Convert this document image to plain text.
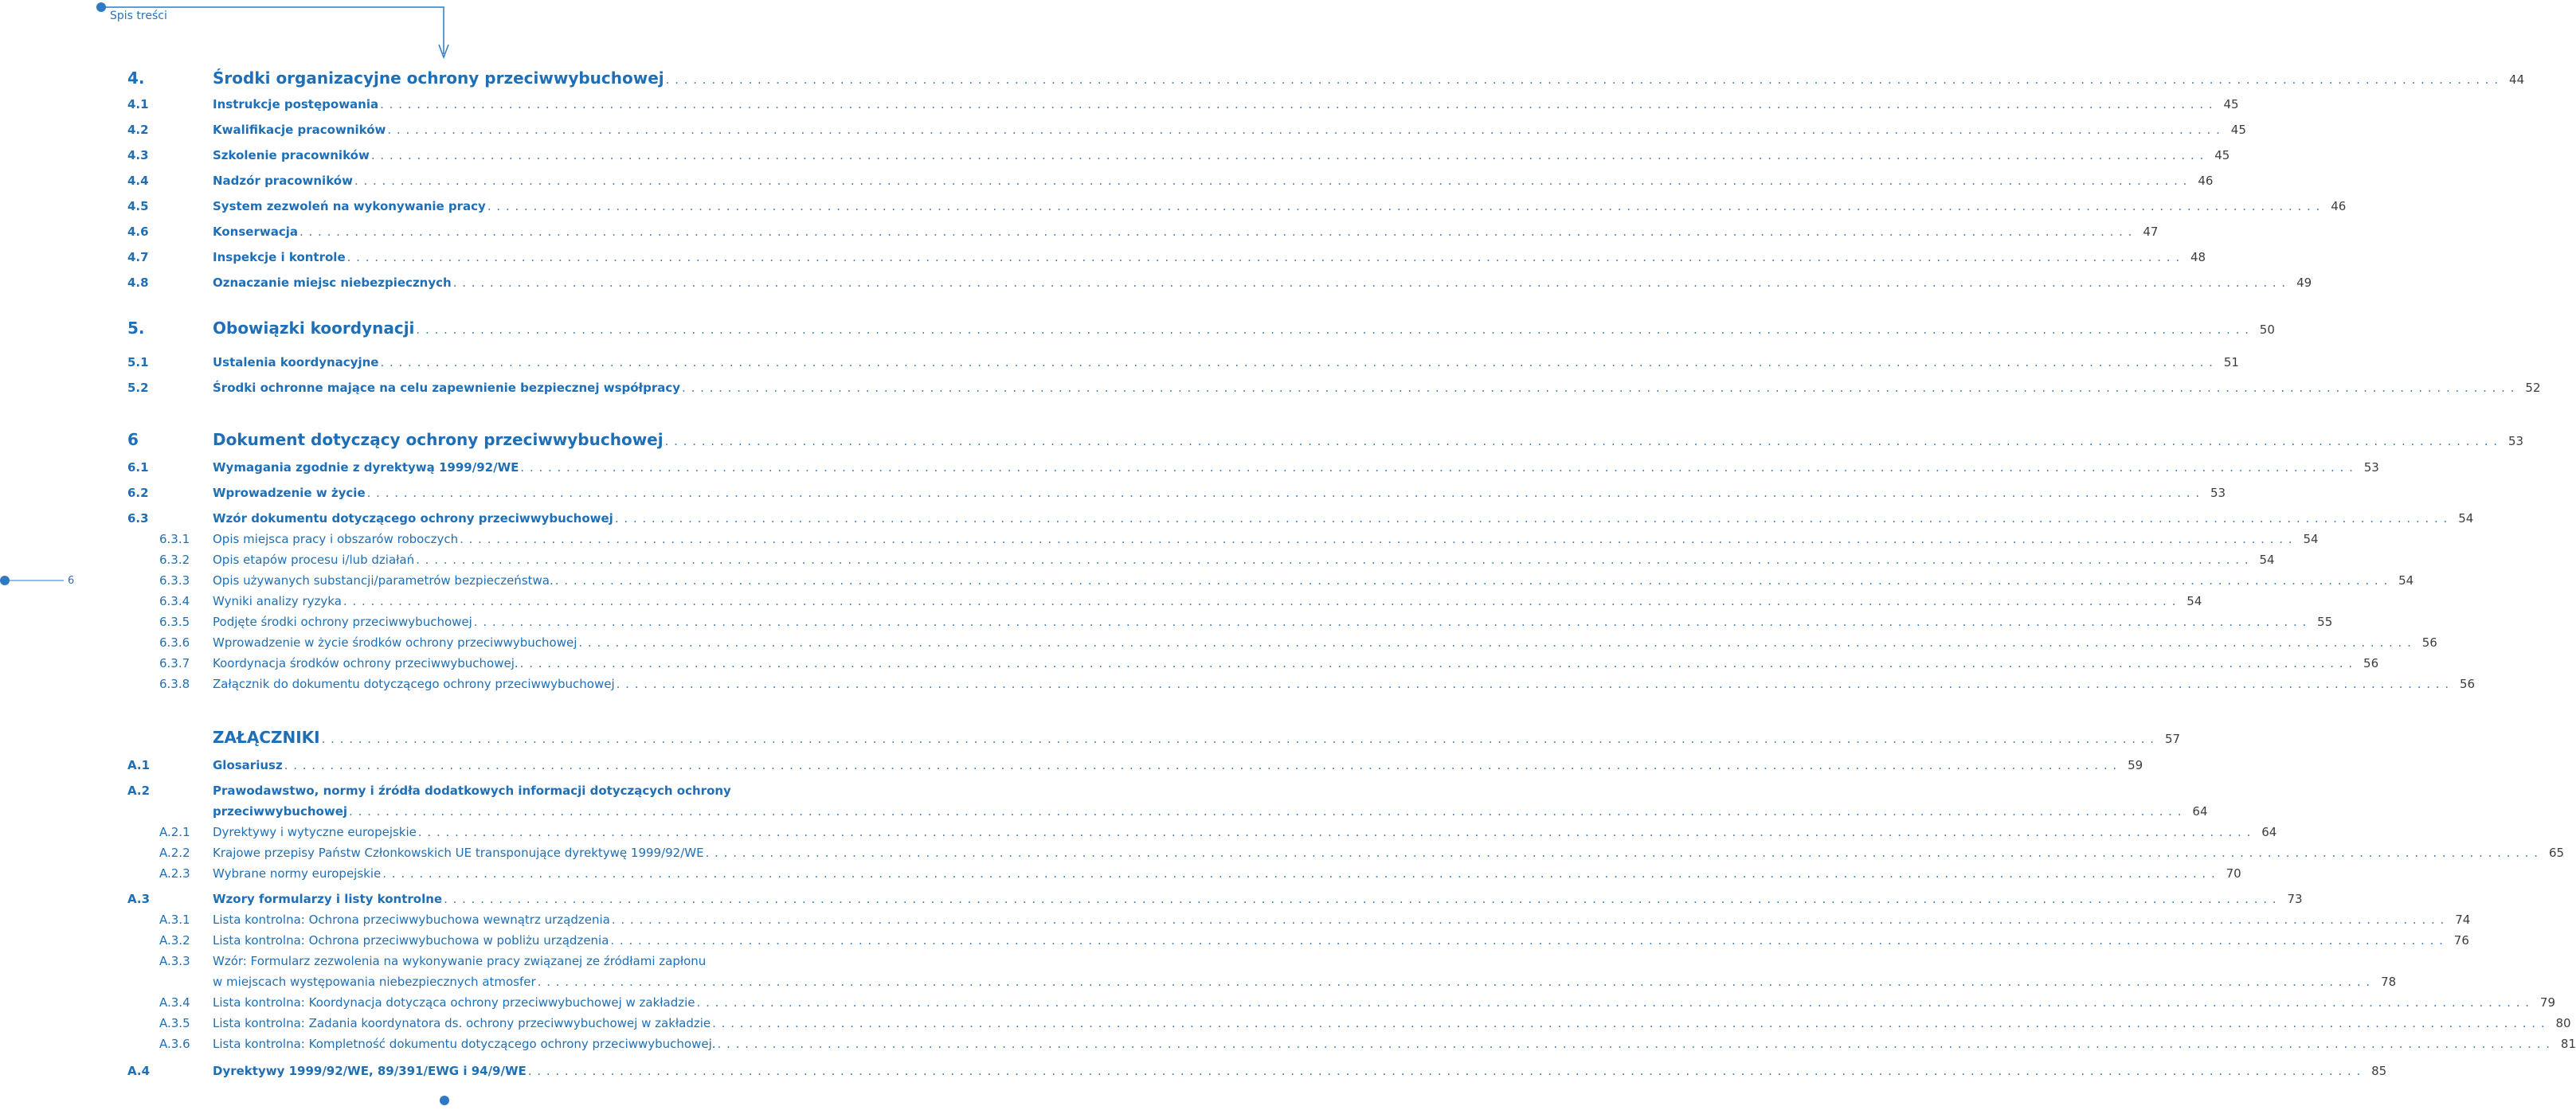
Spis treści
6
4.	Środki organizacyjne ochrony przeciwwybuchowej . . . . . . . . . . . . . . . . . . . . . . . . . . . . . . . . . . . . . . . . . . . . . . . . . . . . . . . . . . . . . . . . . . . . . . . . . . . . . . . . . . . . . . . . . . . . . . . . . . . . . . . . . . . . . . . . . . . . . . . . . . . . . . . . . . . . . . . . . . . . . . . . . . . . . . . . . . . . . . . . . . . . . . . . . . . . . . . . . . . . . . . . . . . . . . . . . . . . . . . . 44
4.1	Instrukcje postępowania . . . . . . . . . . . . . . . . . . . . . . . . . . . . . . . . . . . . . . . . . . . . . . . . . . . . . . . . . . . . . . . . . . . . . . . . . . . . . . . . . . . . . . . . . . . . . . . . . . . . . . . . . . . . . . . . . . . . . . . . . . . . . . . . . . . . . . . . . . . . . . . . . . . . . . . . . . . . . . . . . . . . . . . . . . . . . . . . . . . . . . . . . . . . . . . . . . . . . . . . 45
4.2	Kwalifikacje pracowników . . . . . . . . . . . . . . . . . . . . . . . . . . . . . . . . . . . . . . . . . . . . . . . . . . . . . . . . . . . . . . . . . . . . . . . . . . . . . . . . . . . . . . . . . . . . . . . . . . . . . . . . . . . . . . . . . . . . . . . . . . . . . . . . . . . . . . . . . . . . . . . . . . . . . . . . . . . . . . . . . . . . . . . . . . . . . . . . . . . . . . . . . . . . . . . . . . . . . . . . 45
4.3	Szkolenie pracowników . . . . . . . . . . . . . . . . . . . . . . . . . . . . . . . . . . . . . . . . . . . . . . . . . . . . . . . . . . . . . . . . . . . . . . . . . . . . . . . . . . . . . . . . . . . . . . . . . . . . . . . . . . . . . . . . . . . . . . . . . . . . . . . . . . . . . . . . . . . . . . . . . . . . . . . . . . . . . . . . . . . . . . . . . . . . . . . . . . . . . . . . . . . . . . . . . . . . . . . . 45
4.4	Nadzór pracowników . . . . . . . . . . . . . . . . . . . . . . . . . . . . . . . . . . . . . . . . . . . . . . . . . . . . . . . . . . . . . . . . . . . . . . . . . . . . . . . . . . . . . . . . . . . . . . . . . . . . . . . . . . . . . . . . . . . . . . . . . . . . . . . . . . . . . . . . . . . . . . . . . . . . . . . . . . . . . . . . . . . . . . . . . . . . . . . . . . . . . . . . . . . . . . . . . . . . . . . . 46
4.5	System zezwoleń na wykonywanie pracy . . . . . . . . . . . . . . . . . . . . . . . . . . . . . . . . . . . . . . . . . . . . . . . . . . . . . . . . . . . . . . . . . . . . . . . . . . . . . . . . . . . . . . . . . . . . . . . . . . . . . . . . . . . . . . . . . . . . . . . . . . . . . . . . . . . . . . . . . . . . . . . . . . . . . . . . . . . . . . . . . . . . . . . . . . . . . . . . . . . . . . . . . . . . . . . . . . . . . . . . 46
4.6	Konserwacja . . . . . . . . . . . . . . . . . . . . . . . . . . . . . . . . . . . . . . . . . . . . . . . . . . . . . . . . . . . . . . . . . . . . . . . . . . . . . . . . . . . . . . . . . . . . . . . . . . . . . . . . . . . . . . . . . . . . . . . . . . . . . . . . . . . . . . . . . . . . . . . . . . . . . . . . . . . . . . . . . . . . . . . . . . . . . . . . . . . . . . . . . . . . . . . . . . . . . . . . 47
4.7	Inspekcje i kontrole . . . . . . . . . . . . . . . . . . . . . . . . . . . . . . . . . . . . . . . . . . . . . . . . . . . . . . . . . . . . . . . . . . . . . . . . . . . . . . . . . . . . . . . . . . . . . . . . . . . . . . . . . . . . . . . . . . . . . . . . . . . . . . . . . . . . . . . . . . . . . . . . . . . . . . . . . . . . . . . . . . . . . . . . . . . . . . . . . . . . . . . . . . . . . . . . . . . . . . . . 48
4.8	Oznaczanie miejsc niebezpiecznych . . . . . . . . . . . . . . . . . . . . . . . . . . . . . . . . . . . . . . . . . . . . . . . . . . . . . . . . . . . . . . . . . . . . . . . . . . . . . . . . . . . . . . . . . . . . . . . . . . . . . . . . . . . . . . . . . . . . . . . . . . . . . . . . . . . . . . . . . . . . . . . . . . . . . . . . . . . . . . . . . . . . . . . . . . . . . . . . . . . . . . . . . . . . . . . . . . . . . . . . 49
5.	Obowiązki koordynacji . . . . . . . . . . . . . . . . . . . . . . . . . . . . . . . . . . . . . . . . . . . . . . . . . . . . . . . . . . . . . . . . . . . . . . . . . . . . . . . . . . . . . . . . . . . . . . . . . . . . . . . . . . . . . . . . . . . . . . . . . . . . . . . . . . . . . . . . . . . . . . . . . . . . . . . . . . . . . . . . . . . . . . . . . . . . . . . . . . . . . . . . . . . . . . . . . . . . . . . . 50
5.1	Ustalenia koordynacyjne . . . . . . . . . . . . . . . . . . . . . . . . . . . . . . . . . . . . . . . . . . . . . . . . . . . . . . . . . . . . . . . . . . . . . . . . . . . . . . . . . . . . . . . . . . . . . . . . . . . . . . . . . . . . . . . . . . . . . . . . . . . . . . . . . . . . . . . . . . . . . . . . . . . . . . . . . . . . . . . . . . . . . . . . . . . . . . . . . . . . . . . . . . . . . . . . . . . . . . . . 51
5.2	Środki ochronne mające na celu zapewnienie bezpiecznej współpracy . . . . . . . . . . . . . . . . . . . . . . . . . . . . . . . . . . . . . . . . . . . . . . . . . . . . . . . . . . . . . . . . . . . . . . . . . . . . . . . . . . . . . . . . . . . . . . . . . . . . . . . . . . . . . . . . . . . . . . . . . . . . . . . . . . . . . . . . . . . . . . . . . . . . . . . . . . . . . . . . . . . . . . . . . . . . . . . . . . . . . . . . . . . . . . . . . . . . . . . . 52
6	Dokument dotyczący ochrony przeciwwybuchowej . . . . . . . . . . . . . . . . . . . . . . . . . . . . . . . . . . . . . . . . . . . . . . . . . . . . . . . . . . . . . . . . . . . . . . . . . . . . . . . . . . . . . . . . . . . . . . . . . . . . . . . . . . . . . . . . . . . . . . . . . . . . . . . . . . . . . . . . . . . . . . . . . . . . . . . . . . . . . . . . . . . . . . . . . . . . . . . . . . . . . . . . . . . . . . . . . . . . . . . . 53
6.1	Wymagania zgodnie z dyrektywą 1999/92/WE . . . . . . . . . . . . . . . . . . . . . . . . . . . . . . . . . . . . . . . . . . . . . . . . . . . . . . . . . . . . . . . . . . . . . . . . . . . . . . . . . . . . . . . . . . . . . . . . . . . . . . . . . . . . . . . . . . . . . . . . . . . . . . . . . . . . . . . . . . . . . . . . . . . . . . . . . . . . . . . . . . . . . . . . . . . . . . . . . . . . . . . . . . . . . . . . . . . . . . . . 53
6.2	Wprowadzenie w życie . . . . . . . . . . . . . . . . . . . . . . . . . . . . . . . . . . . . . . . . . . . . . . . . . . . . . . . . . . . . . . . . . . . . . . . . . . . . . . . . . . . . . . . . . . . . . . . . . . . . . . . . . . . . . . . . . . . . . . . . . . . . . . . . . . . . . . . . . . . . . . . . . . . . . . . . . . . . . . . . . . . . . . . . . . . . . . . . . . . . . . . . . . . . . . . . . . . . . . . . 53
6.3	Wzór dokumentu dotyczącego ochrony przeciwwybuchowej . . . . . . . . . . . . . . . . . . . . . . . . . . . . . . . . . . . . . . . . . . . . . . . . . . . . . . . . . . . . . . . . . . . . . . . . . . . . . . . . . . . . . . . . . . . . . . . . . . . . . . . . . . . . . . . . . . . . . . . . . . . . . . . . . . . . . . . . . . . . . . . . . . . . . . . . . . . . . . . . . . . . . . . . . . . . . . . . . . . . . . . . . . . . . . . . . . . . . . . . 54
6.3.1 Opis miejsca pracy i obszarów roboczych . . . . . . . . . . . . . . . . . . . . . . . . . . . . . . . . . . . . . . . . . . . . . . . . . . . . . . . . . . . . . . . . . . . . . . . . . . . . . . . . . . . . . . . . . . . . . . . . . . . . . . . . . . . . . . . . . . . . . . . . . . . . . . . . . . . . . . . . . . . . . . . . . . . . . . . . . . . . . . . . . . . . . . . . . . . . . . . . . . . . . . . . . . . . . . . . . . . . . . . . 54
6.3.2 Opis etapów procesu i/lub działań . . . . . . . . . . . . . . . . . . . . . . . . . . . . . . . . . . . . . . . . . . . . . . . . . . . . . . . . . . . . . . . . . . . . . . . . . . . . . . . . . . . . . . . . . . . . . . . . . . . . . . . . . . . . . . . . . . . . . . . . . . . . . . . . . . . . . . . . . . . . . . . . . . . . . . . . . . . . . . . . . . . . . . . . . . . . . . . . . . . . . . . . . . . . . . . . . . . . . . . . 54
6.3.3 Opis używanych substancji/parametrów bezpieczeństwa. . . . . . . . . . . . . . . . . . . . . . . . . . . . . . . . . . . . . . . . . . . . . . . . . . . . . . . . . . . . . . . . . . . . . . . . . . . . . . . . . . . . . . . . . . . . . . . . . . . . . . . . . . . . . . . . . . . . . . . . . . . . . . . . . . . . . . . . . . . . . . . . . . . . . . . . . . . . . . . . . . . . . . . . . . . . . . . . . . . . . . . . . . . . . . . . . . . . . . . . . 54
6.3.4 Wyniki analizy ryzyka . . . . . . . . . . . . . . . . . . . . . . . . . . . . . . . . . . . . . . . . . . . . . . . . . . . . . . . . . . . . . . . . . . . . . . . . . . . . . . . . . . . . . . . . . . . . . . . . . . . . . . . . . . . . . . . . . . . . . . . . . . . . . . . . . . . . . . . . . . . . . . . . . . . . . . . . . . . . . . . . . . . . . . . . . . . . . . . . . . . . . . . . . . . . . . . . . . . . . . . . 54
6.3.5 Podjęte środki ochrony przeciwwybuchowej . . . . . . . . . . . . . . . . . . . . . . . . . . . . . . . . . . . . . . . . . . . . . . . . . . . . . . . . . . . . . . . . . . . . . . . . . . . . . . . . . . . . . . . . . . . . . . . . . . . . . . . . . . . . . . . . . . . . . . . . . . . . . . . . . . . . . . . . . . . . . . . . . . . . . . . . . . . . . . . . . . . . . . . . . . . . . . . . . . . . . . . . . . . . . . . . . . . . . . . . 55
6.3.6 Wprowadzenie w życie środków ochrony przeciwwybuchowej . . . . . . . . . . . . . . . . . . . . . . . . . . . . . . . . . . . . . . . . . . . . . . . . . . . . . . . . . . . . . . . . . . . . . . . . . . . . . . . . . . . . . . . . . . . . . . . . . . . . . . . . . . . . . . . . . . . . . . . . . . . . . . . . . . . . . . . . . . . . . . . . . . . . . . . . . . . . . . . . . . . . . . . . . . . . . . . . . . . . . . . . . . . . . . . . . . . . . . . . 56
6.3.7 Koordynacja środków ochrony przeciwwybuchowej. . . . . . . . . . . . . . . . . . . . . . . . . . . . . . . . . . . . . . . . . . . . . . . . . . . . . . . . . . . . . . . . . . . . . . . . . . . . . . . . . . . . . . . . . . . . . . . . . . . . . . . . . . . . . . . . . . . . . . . . . . . . . . . . . . . . . . . . . . . . . . . . . . . . . . . . . . . . . . . . . . . . . . . . . . . . . . . . . . . . . . . . . . . . . . . . . . . . . . . . . 56
6.3.8 Załącznik do dokumentu dotyczącego ochrony przeciwwybuchowej . . . . . . . . . . . . . . . . . . . . . . . . . . . . . . . . . . . . . . . . . . . . . . . . . . . . . . . . . . . . . . . . . . . . . . . . . . . . . . . . . . . . . . . . . . . . . . . . . . . . . . . . . . . . . . . . . . . . . . . . . . . . . . . . . . . . . . . . . . . . . . . . . . . . . . . . . . . . . . . . . . . . . . . . . . . . . . . . . . . . . . . . . . . . . . . . . . . . . . . . 56
ZAŁĄCZNIKI . . . . . . . . . . . . . . . . . . . . . . . . . . . . . . . . . . . . . . . . . . . . . . . . . . . . . . . . . . . . . . . . . . . . . . . . . . . . . . . . . . . . . . . . . . . . . . . . . . . . . . . . . . . . . . . . . . . . . . . . . . . . . . . . . . . . . . . . . . . . . . . . . . . . . . . . . . . . . . . . . . . . . . . . . . . . . . . . . . . . . . . . . . . . . . . . . . . . . . . . 57
A.1	Glosariusz . . . . . . . . . . . . . . . . . . . . . . . . . . . . . . . . . . . . . . . . . . . . . . . . . . . . . . . . . . . . . . . . . . . . . . . . . . . . . . . . . . . . . . . . . . . . . . . . . . . . . . . . . . . . . . . . . . . . . . . . . . . . . . . . . . . . . . . . . . . . . . . . . . . . . . . . . . . . . . . . . . . . . . . . . . . . . . . . . . . . . . . . . . . . . . . . . . . . . . . . 59
A.2	Prawodawstwo, normy i źródła dodatkowych informacji dotyczących ochrony
przeciwwybuchowej . . . . . . . . . . . . . . . . . . . . . . . . . . . . . . . . . . . . . . . . . . . . . . . . . . . . . . . . . . . . . . . . . . . . . . . . . . . . . . . . . . . . . . . . . . . . . . . . . . . . . . . . . . . . . . . . . . . . . . . . . . . . . . . . . . . . . . . . . . . . . . . . . . . . . . . . . . . . . . . . . . . . . . . . . . . . . . . . . . . . . . . . . . . . . . . . . . . . . . . . 64
A.2.1 Dyrektywy i wytyczne europejskie . . . . . . . . . . . . . . . . . . . . . . . . . . . . . . . . . . . . . . . . . . . . . . . . . . . . . . . . . . . . . . . . . . . . . . . . . . . . . . . . . . . . . . . . . . . . . . . . . . . . . . . . . . . . . . . . . . . . . . . . . . . . . . . . . . . . . . . . . . . . . . . . . . . . . . . . . . . . . . . . . . . . . . . . . . . . . . . . . . . . . . . . . . . . . . . . . . . . . . . . 64
A.2.2 Krajowe przepisy Państw Członkowskich UE transponujące dyrektywę 1999/92/WE . . . . . . . . . . . . . . . . . . . . . . . . . . . . . . . . . . . . . . . . . . . . . . . . . . . . . . . . . . . . . . . . . . . . . . . . . . . . . . . . . . . . . . . . . . . . . . . . . . . . . . . . . . . . . . . . . . . . . . . . . . . . . . . . . . . . . . . . . . . . . . . . . . . . . . . . . . . . . . . . . . . . . . . . . . . . . . . . . . . . . . . . . . . . . . . . . . . . . . . . 65
A.2.3 Wybrane normy europejskie . . . . . . . . . . . . . . . . . . . . . . . . . . . . . . . . . . . . . . . . . . . . . . . . . . . . . . . . . . . . . . . . . . . . . . . . . . . . . . . . . . . . . . . . . . . . . . . . . . . . . . . . . . . . . . . . . . . . . . . . . . . . . . . . . . . . . . . . . . . . . . . . . . . . . . . . . . . . . . . . . . . . . . . . . . . . . . . . . . . . . . . . . . . . . . . . . . . . . . . . 70
A.3	Wzory formularzy i listy kontrolne . . . . . . . . . . . . . . . . . . . . . . . . . . . . . . . . . . . . . . . . . . . . . . . . . . . . . . . . . . . . . . . . . . . . . . . . . . . . . . . . . . . . . . . . . . . . . . . . . . . . . . . . . . . . . . . . . . . . . . . . . . . . . . . . . . . . . . . . . . . . . . . . . . . . . . . . . . . . . . . . . . . . . . . . . . . . . . . . . . . . . . . . . . . . . . . . . . . . . . . . 73
A.3.1 Lista kontrolna: Ochrona przeciwwybuchowa wewnątrz urządzenia . . . . . . . . . . . . . . . . . . . . . . . . . . . . . . . . . . . . . . . . . . . . . . . . . . . . . . . . . . . . . . . . . . . . . . . . . . . . . . . . . . . . . . . . . . . . . . . . . . . . . . . . . . . . . . . . . . . . . . . . . . . . . . . . . . . . . . . . . . . . . . . . . . . . . . . . . . . . . . . . . . . . . . . . . . . . . . . . . . . . . . . . . . . . . . . . . . . . . . . . 74
A.3.2 Lista kontrolna: Ochrona przeciwwybuchowa w pobliżu urządzenia . . . . . . . . . . . . . . . . . . . . . . . . . . . . . . . . . . . . . . . . . . . . . . . . . . . . . . . . . . . . . . . . . . . . . . . . . . . . . . . . . . . . . . . . . . . . . . . . . . . . . . . . . . . . . . . . . . . . . . . . . . . . . . . . . . . . . . . . . . . . . . . . . . . . . . . . . . . . . . . . . . . . . . . . . . . . . . . . . . . . . . . . . . . . . . . . . . . . . . . . 76
A.3.3 Wzór: Formularz zezwolenia na wykonywanie pracy związanej ze źródłami zapłonu
w miejscach występowania niebezpiecznych atmosfer . . . . . . . . . . . . . . . . . . . . . . . . . . . . . . . . . . . . . . . . . . . . . . . . . . . . . . . . . . . . . . . . . . . . . . . . . . . . . . . . . . . . . . . . . . . . . . . . . . . . . . . . . . . . . . . . . . . . . . . . . . . . . . . . . . . . . . . . . . . . . . . . . . . . . . . . . . . . . . . . . . . . . . . . . . . . . . . . . . . . . . . . . . . . . . . . . . . . . . . . 78
A.3.4 Lista kontrolna: Koordynacja dotycząca ochrony przeciwwybuchowej w zakładzie . . . . . . . . . . . . . . . . . . . . . . . . . . . . . . . . . . . . . . . . . . . . . . . . . . . . . . . . . . . . . . . . . . . . . . . . . . . . . . . . . . . . . . . . . . . . . . . . . . . . . . . . . . . . . . . . . . . . . . . . . . . . . . . . . . . . . . . . . . . . . . . . . . . . . . . . . . . . . . . . . . . . . . . . . . . . . . . . . . . . . . . . . . . . . . . . . . . . . . . . 79
A.3.5 Lista kontrolna: Zadania koordynatora ds. ochrony przeciwwybuchowej w zakładzie . . . . . . . . . . . . . . . . . . . . . . . . . . . . . . . . . . . . . . . . . . . . . . . . . . . . . . . . . . . . . . . . . . . . . . . . . . . . . . . . . . . . . . . . . . . . . . . . . . . . . . . . . . . . . . . . . . . . . . . . . . . . . . . . . . . . . . . . . . . . . . . . . . . . . . . . . . . . . . . . . . . . . . . . . . . . . . . . . . . . . . . . . . . . . . . . . . . . . . . . 80
A.3.6 Lista kontrolna: Kompletność dokumentu dotyczącego ochrony przeciwwybuchowej. . . . . . . . . . . . . . . . . . . . . . . . . . . . . . . . . . . . . . . . . . . . . . . . . . . . . . . . . . . . . . . . . . . . . . . . . . . . . . . . . . . . . . . . . . . . . . . . . . . . . . . . . . . . . . . . . . . . . . . . . . . . . . . . . . . . . . . . . . . . . . . . . . . . . . . . . . . . . . . . . . . . . . . . . . . . . . . . . . . . . . . . . . . . . . . . . . . . . . . . . 81
A.4	Dyrektywy 1999/92/WE, 89/391/EWG i 94/9/WE . . . . . . . . . . . . . . . . . . . . . . . . . . . . . . . . . . . . . . . . . . . . . . . . . . . . . . . . . . . . . . . . . . . . . . . . . . . . . . . . . . . . . . . . . . . . . . . . . . . . . . . . . . . . . . . . . . . . . . . . . . . . . . . . . . . . . . . . . . . . . . . . . . . . . . . . . . . . . . . . . . . . . . . . . . . . . . . . . . . . . . . . . . . . . . . . . . . . . . . . 85
